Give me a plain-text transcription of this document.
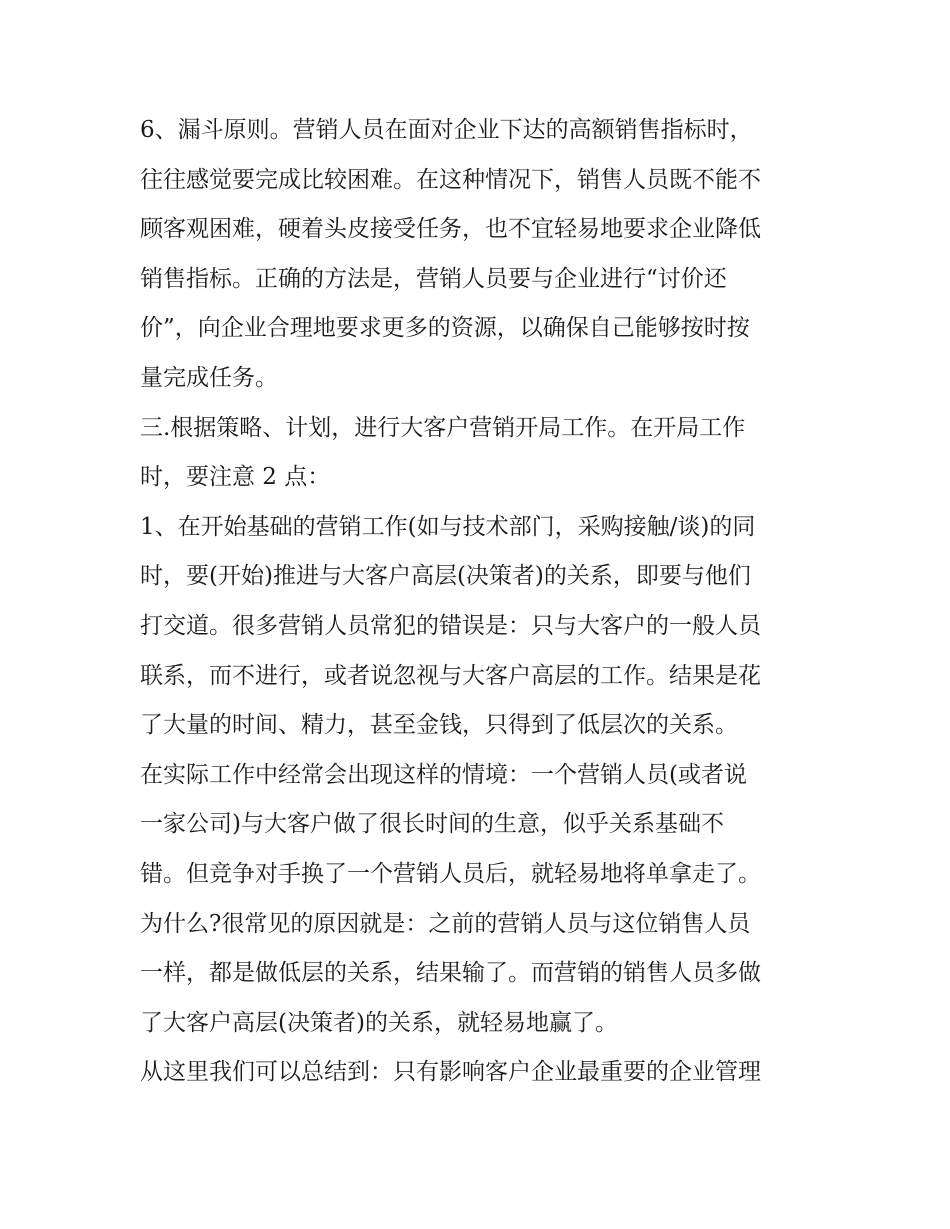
6、漏斗原则。营销人员在面对企业下达的高额销售指标时，
往往感觉要完成比较困难。在这种情况下，销售人员既不能不
顾客观困难，硬着头皮接受任务，也不宜轻易地要求企业降低
销售指标。正确的方法是，营销人员要与企业进行“讨价还
价”，向企业合理地要求更多的资源，以确保自己能够按时按
量完成任务。
三.根据策略、计划，进行大客户营销开局工作。在开局工作
时，要注意 2 点：
1、在开始基础的营销工作(如与技术部门，采购接触/谈)的同
时，要(开始)推进与大客户高层(决策者)的关系，即要与他们
打交道。很多营销人员常犯的错误是：只与大客户的一般人员
联系，而不进行，或者说忽视与大客户高层的工作。结果是花
了大量的时间、精力，甚至金钱，只得到了低层次的关系。
在实际工作中经常会出现这样的情境：一个营销人员(或者说
一家公司)与大客户做了很长时间的生意，似乎关系基础不
错。但竞争对手换了一个营销人员后，就轻易地将单拿走了。
为什么?很常见的原因就是：之前的营销人员与这位销售人员
一样，都是做低层的关系，结果输了。而营销的销售人员多做
了大客户高层(决策者)的关系，就轻易地赢了。
从这里我们可以总结到：只有影响客户企业最重要的企业管理
